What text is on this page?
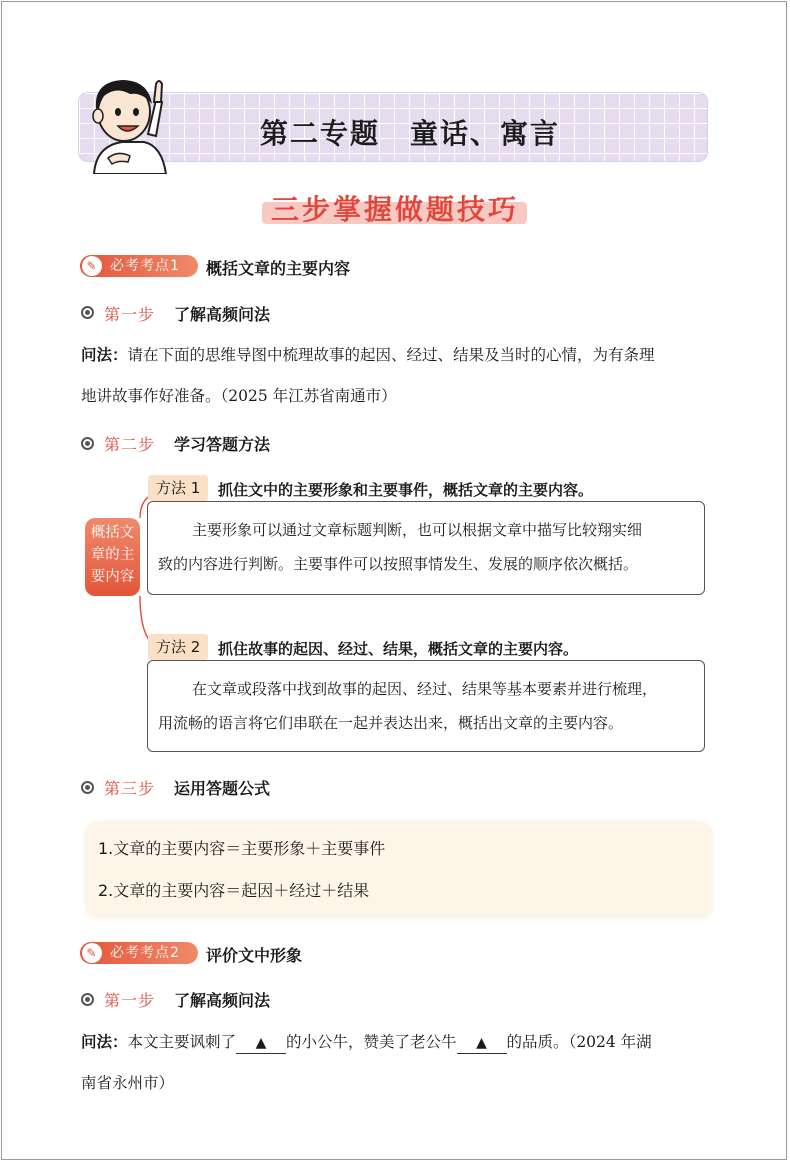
第二专题　童话、寓言
三步掌握做题技巧
✎ 必考考点1	概括文章的主要内容
第一步 了解高频问法
问法：请在下面的思维导图中梳理故事的起因、经过、结果及当时的心情，为有条理
地讲故事作好准备。（2025 年江苏省南通市）
第二步 学习答题方法
概括文
章的主
要内容
方法 1	抓住文中的主要形象和主要事件，概括文章的主要内容。
主要形象可以通过文章标题判断，也可以根据文章中描写比较翔实细
致的内容进行判断。主要事件可以按照事情发生、发展的顺序依次概括。
方法 2	抓住故事的起因、经过、结果，概括文章的主要内容。
在文章或段落中找到故事的起因、经过、结果等基本要素并进行梳理，
用流畅的语言将它们串联在一起并表达出来，概括出文章的主要内容。
第三步 运用答题公式
1.文章的主要内容＝主要形象＋主要事件
2.文章的主要内容＝起因＋经过＋结果
✎ 必考考点2	评价文中形象
第一步 了解高频问法
问法：本文主要讽刺了 ▲ 的小公牛，赞美了老公牛 ▲ 的品质。（2024 年湖
南省永州市）
